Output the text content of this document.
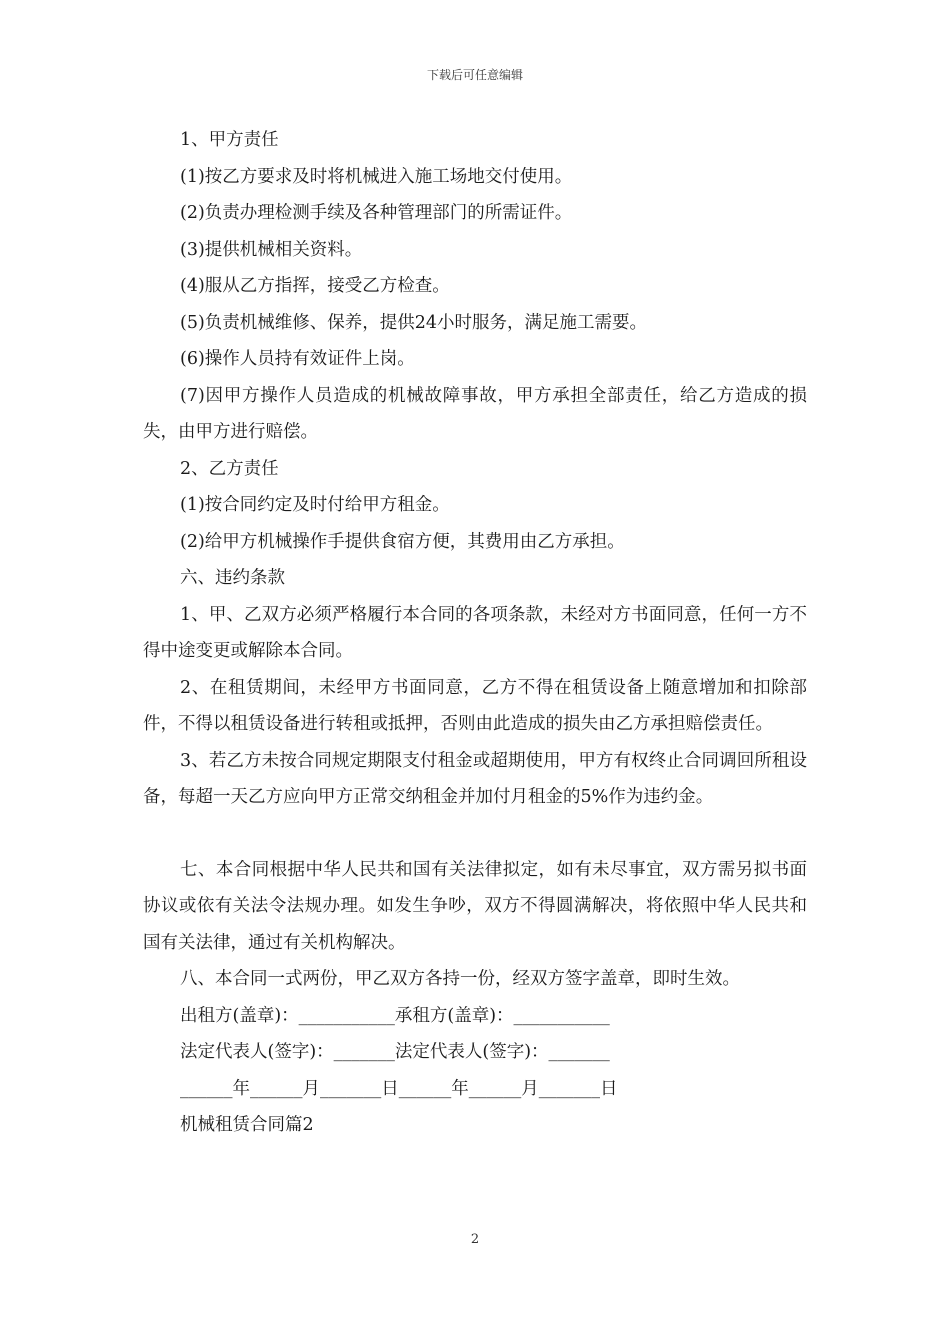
下载后可任意编辑

1、甲方责任

(1)按乙方要求及时将机械进入施工场地交付使用。

(2)负责办理检测手续及各种管理部门的所需证件。

(3)提供机械相关资料。

(4)服从乙方指挥，接受乙方检查。

(5)负责机械维修、保养，提供24小时服务，满足施工需要。

(6)操作人员持有效证件上岗。

(7)因甲方操作人员造成的机械故障事故，甲方承担全部责任，给乙方造成的损失，由甲方进行赔偿。

2、乙方责任

(1)按合同约定及时付给甲方租金。

(2)给甲方机械操作手提供食宿方便，其费用由乙方承担。

六、违约条款

1、甲、乙双方必须严格履行本合同的各项条款，未经对方书面同意，任何一方不得中途变更或解除本合同。

2、在租赁期间，未经甲方书面同意，乙方不得在租赁设备上随意增加和扣除部件，不得以租赁设备进行转租或抵押，否则由此造成的损失由乙方承担赔偿责任。

3、若乙方未按合同规定期限支付租金或超期使用，甲方有权终止合同调回所租设备，每超一天乙方应向甲方正常交纳租金并加付月租金的5%作为违约金。

七、本合同根据中华人民共和国有关法律拟定，如有未尽事宜，双方需另拟书面协议或依有关法令法规办理。如发生争吵，双方不得圆满解决，将依照中华人民共和国有关法律，通过有关机构解决。

八、本合同一式两份，甲乙双方各持一份，经双方签字盖章，即时生效。

出租方(盖章)：___________承租方(盖章)：___________

法定代表人(签字)：_______法定代表人(签字)：_______

______年______月_______日______年______月_______日

机械租赁合同篇2

2
